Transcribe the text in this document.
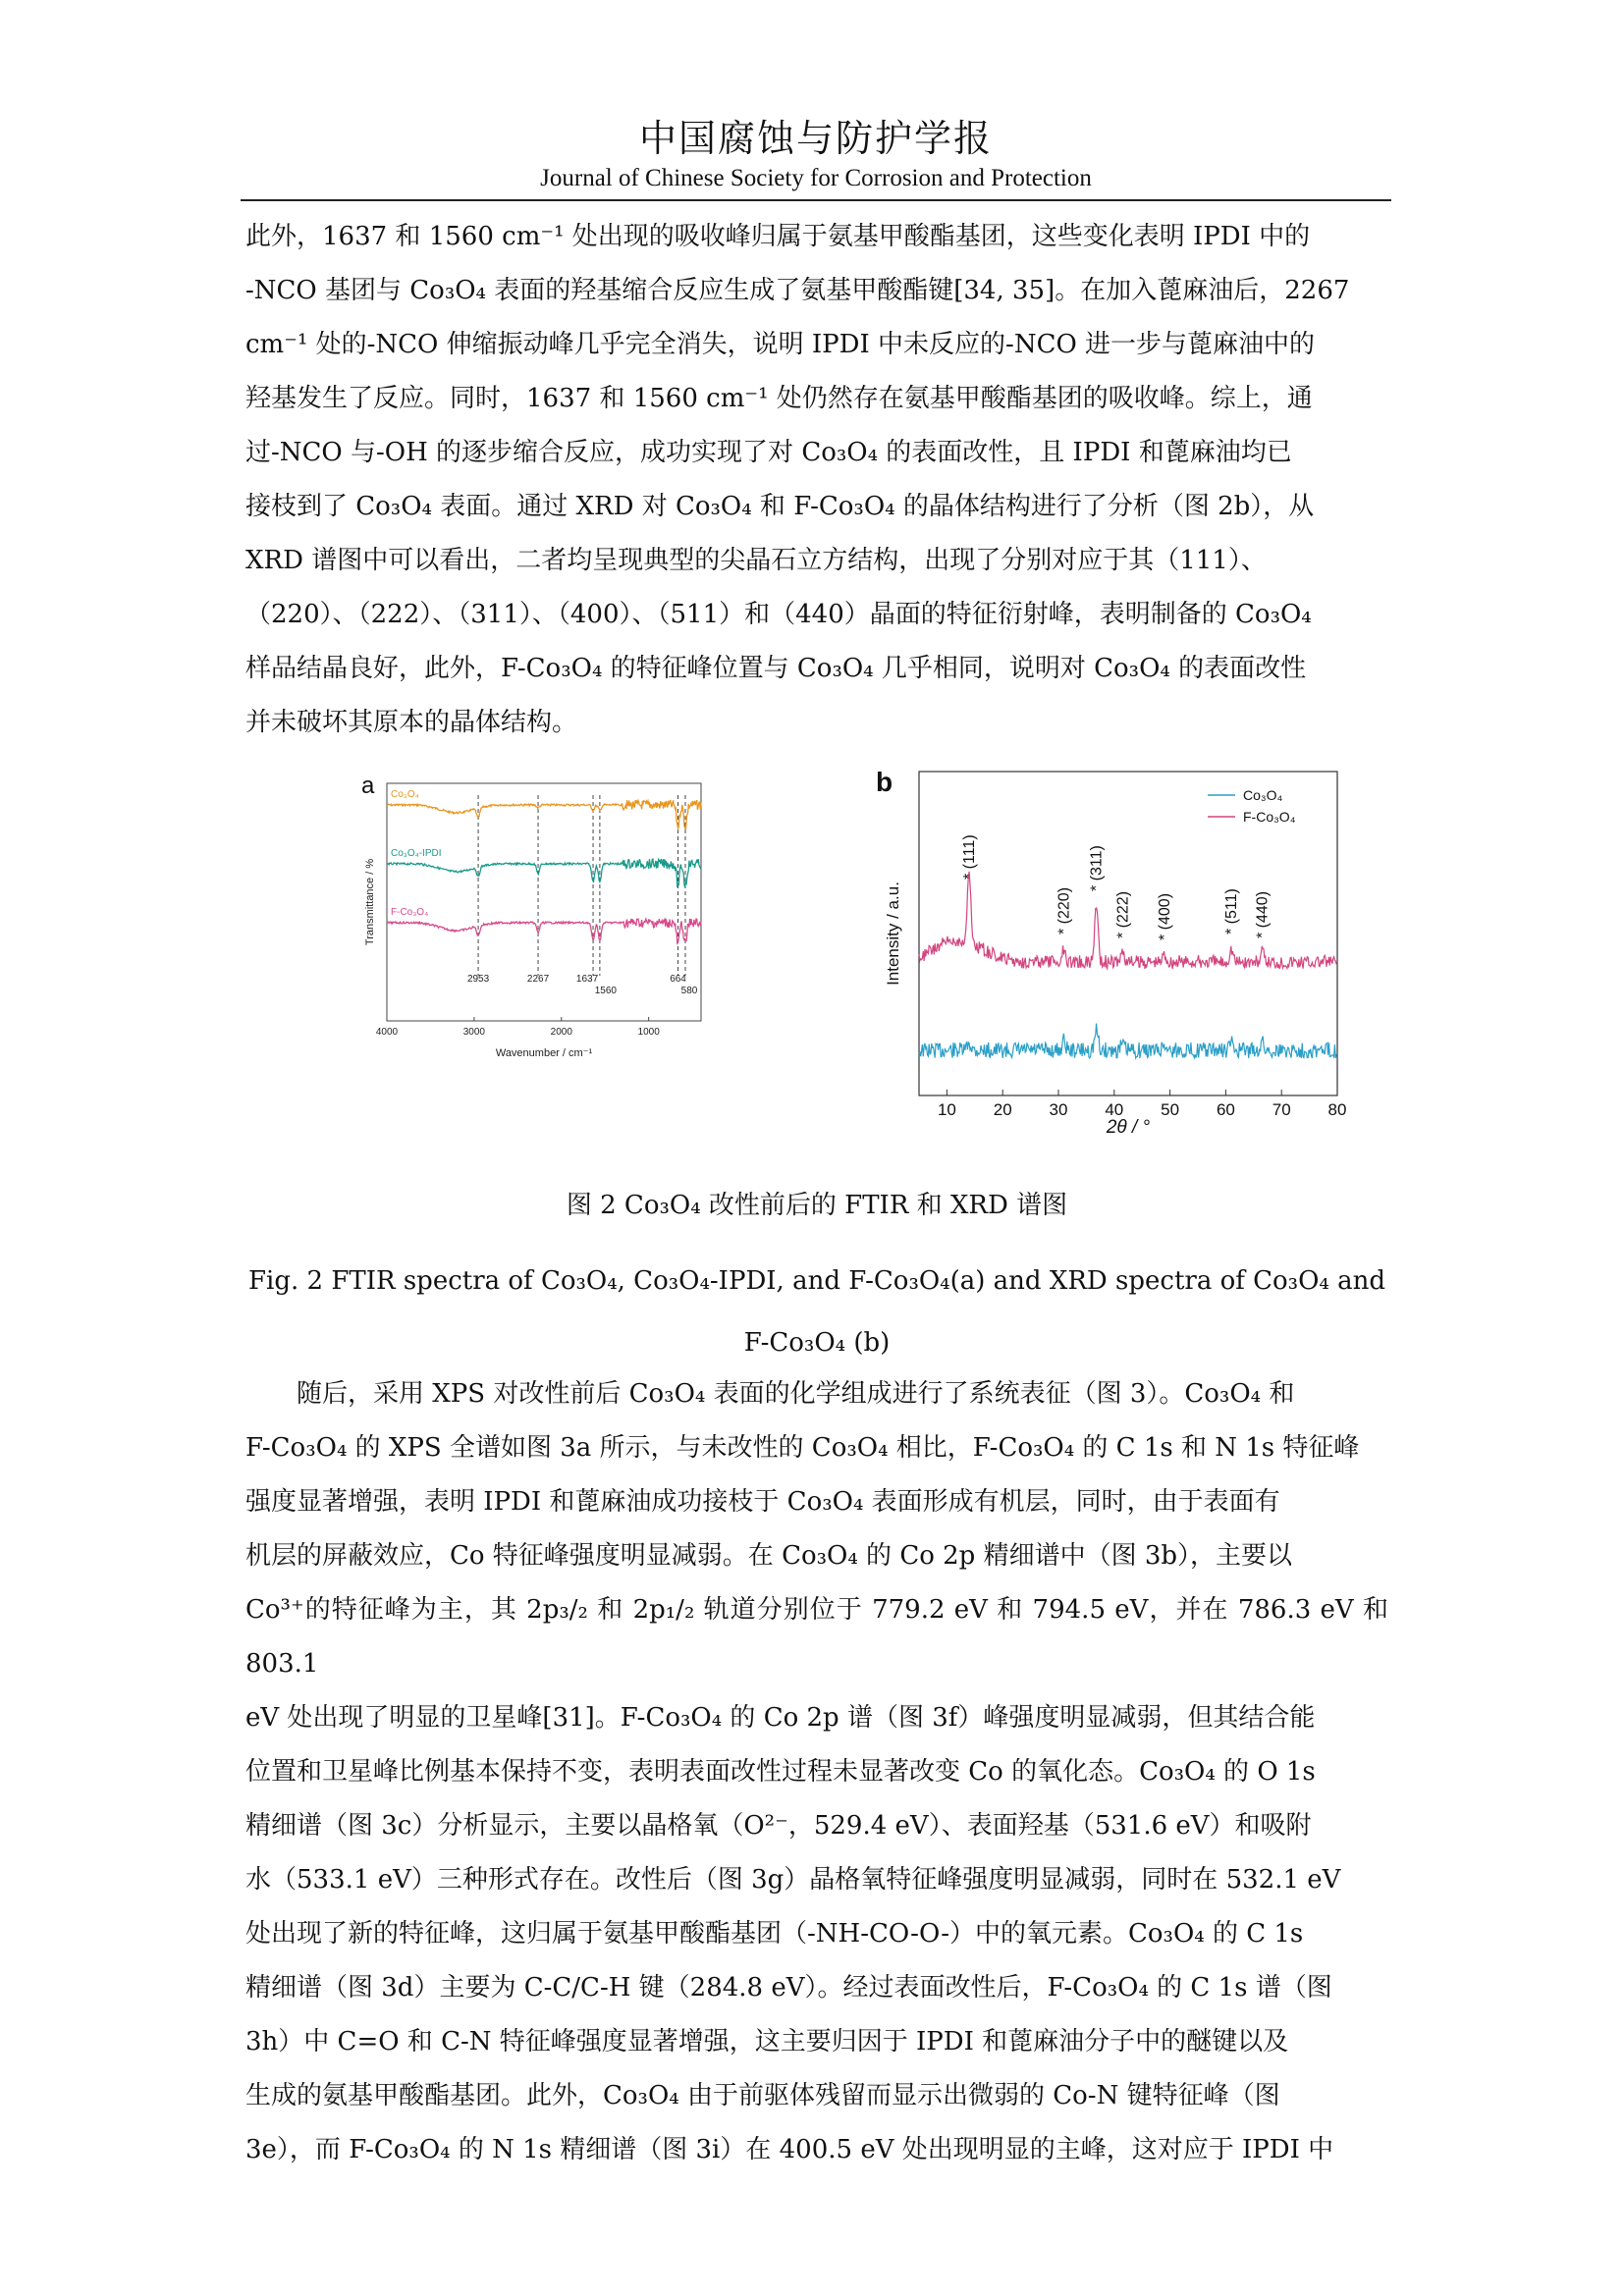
中国腐蚀与防护学报
Journal of Chinese Society for Corrosion and Protection
此外，1637 和 1560 cm⁻¹ 处出现的吸收峰归属于氨基甲酸酯基团，这些变化表明 IPDI 中的
-NCO 基团与 Co₃O₄ 表面的羟基缩合反应生成了氨基甲酸酯键[34, 35]。在加入蓖麻油后，2267
cm⁻¹ 处的-NCO 伸缩振动峰几乎完全消失，说明 IPDI 中未反应的-NCO 进一步与蓖麻油中的
羟基发生了反应。同时，1637 和 1560 cm⁻¹ 处仍然存在氨基甲酸酯基团的吸收峰。综上，通
过-NCO 与-OH 的逐步缩合反应，成功实现了对 Co₃O₄ 的表面改性，且 IPDI 和蓖麻油均已
接枝到了 Co₃O₄ 表面。通过 XRD 对 Co₃O₄ 和 F-Co₃O₄ 的晶体结构进行了分析（图 2b），从
XRD 谱图中可以看出，二者均呈现典型的尖晶石立方结构，出现了分别对应于其（111）、
（220）、（222）、（311）、（400）、（511）和（440）晶面的特征衍射峰，表明制备的 Co₃O₄
样品结晶良好，此外，F-Co₃O₄ 的特征峰位置与 Co₃O₄ 几乎相同，说明对 Co₃O₄ 的表面改性
并未破坏其原本的晶体结构。
a Co₃O₄
Co₃O₄-IPDI
F-Co₃O₄
2953	2267	1637
1560
664
580
4000	3000	2000	1000
Wavenumber / cm⁻¹
Transmittance / %
b
* (111)
* (220)
* (311)
* (222) * (400)	* (511) * (440)
10 20 30 40 50 60 70 80
Co₃O₄
F-Co₃O₄
2θ / °
Intensity / a.u.
图 2 Co₃O₄ 改性前后的 FTIR 和 XRD 谱图
Fig. 2 FTIR spectra of Co₃O₄, Co₃O₄-IPDI, and F-Co₃O₄(a) and XRD spectra of Co₃O₄ and
F-Co₃O₄ (b)
随后，采用 XPS 对改性前后 Co₃O₄ 表面的化学组成进行了系统表征（图 3）。Co₃O₄ 和
F-Co₃O₄ 的 XPS 全谱如图 3a 所示，与未改性的 Co₃O₄ 相比，F-Co₃O₄ 的 C 1s 和 N 1s 特征峰
强度显著增强，表明 IPDI 和蓖麻油成功接枝于 Co₃O₄ 表面形成有机层，同时，由于表面有
机层的屏蔽效应，Co 特征峰强度明显减弱。在 Co₃O₄ 的 Co 2p 精细谱中（图 3b），主要以
Co³⁺的特征峰为主，其 2p₃/₂ 和 2p₁/₂ 轨道分别位于 779.2 eV 和 794.5 eV，并在 786.3 eV 和 803.1
eV 处出现了明显的卫星峰[31]。F-Co₃O₄ 的 Co 2p 谱（图 3f）峰强度明显减弱，但其结合能
位置和卫星峰比例基本保持不变，表明表面改性过程未显著改变 Co 的氧化态。Co₃O₄ 的 O 1s
精细谱（图 3c）分析显示，主要以晶格氧（O²⁻，529.4 eV）、表面羟基（531.6 eV）和吸附
水（533.1 eV）三种形式存在。改性后（图 3g）晶格氧特征峰强度明显减弱，同时在 532.1 eV
处出现了新的特征峰，这归属于氨基甲酸酯基团（-NH-CO-O-）中的氧元素。Co₃O₄ 的 C 1s
精细谱（图 3d）主要为 C-C/C-H 键（284.8 eV）。经过表面改性后，F-Co₃O₄ 的 C 1s 谱（图
3h）中 C=O 和 C-N 特征峰强度显著增强，这主要归因于 IPDI 和蓖麻油分子中的醚键以及
生成的氨基甲酸酯基团。此外，Co₃O₄ 由于前驱体残留而显示出微弱的 Co-N 键特征峰（图
3e），而 F-Co₃O₄ 的 N 1s 精细谱（图 3i）在 400.5 eV 处出现明显的主峰，这对应于 IPDI 中
